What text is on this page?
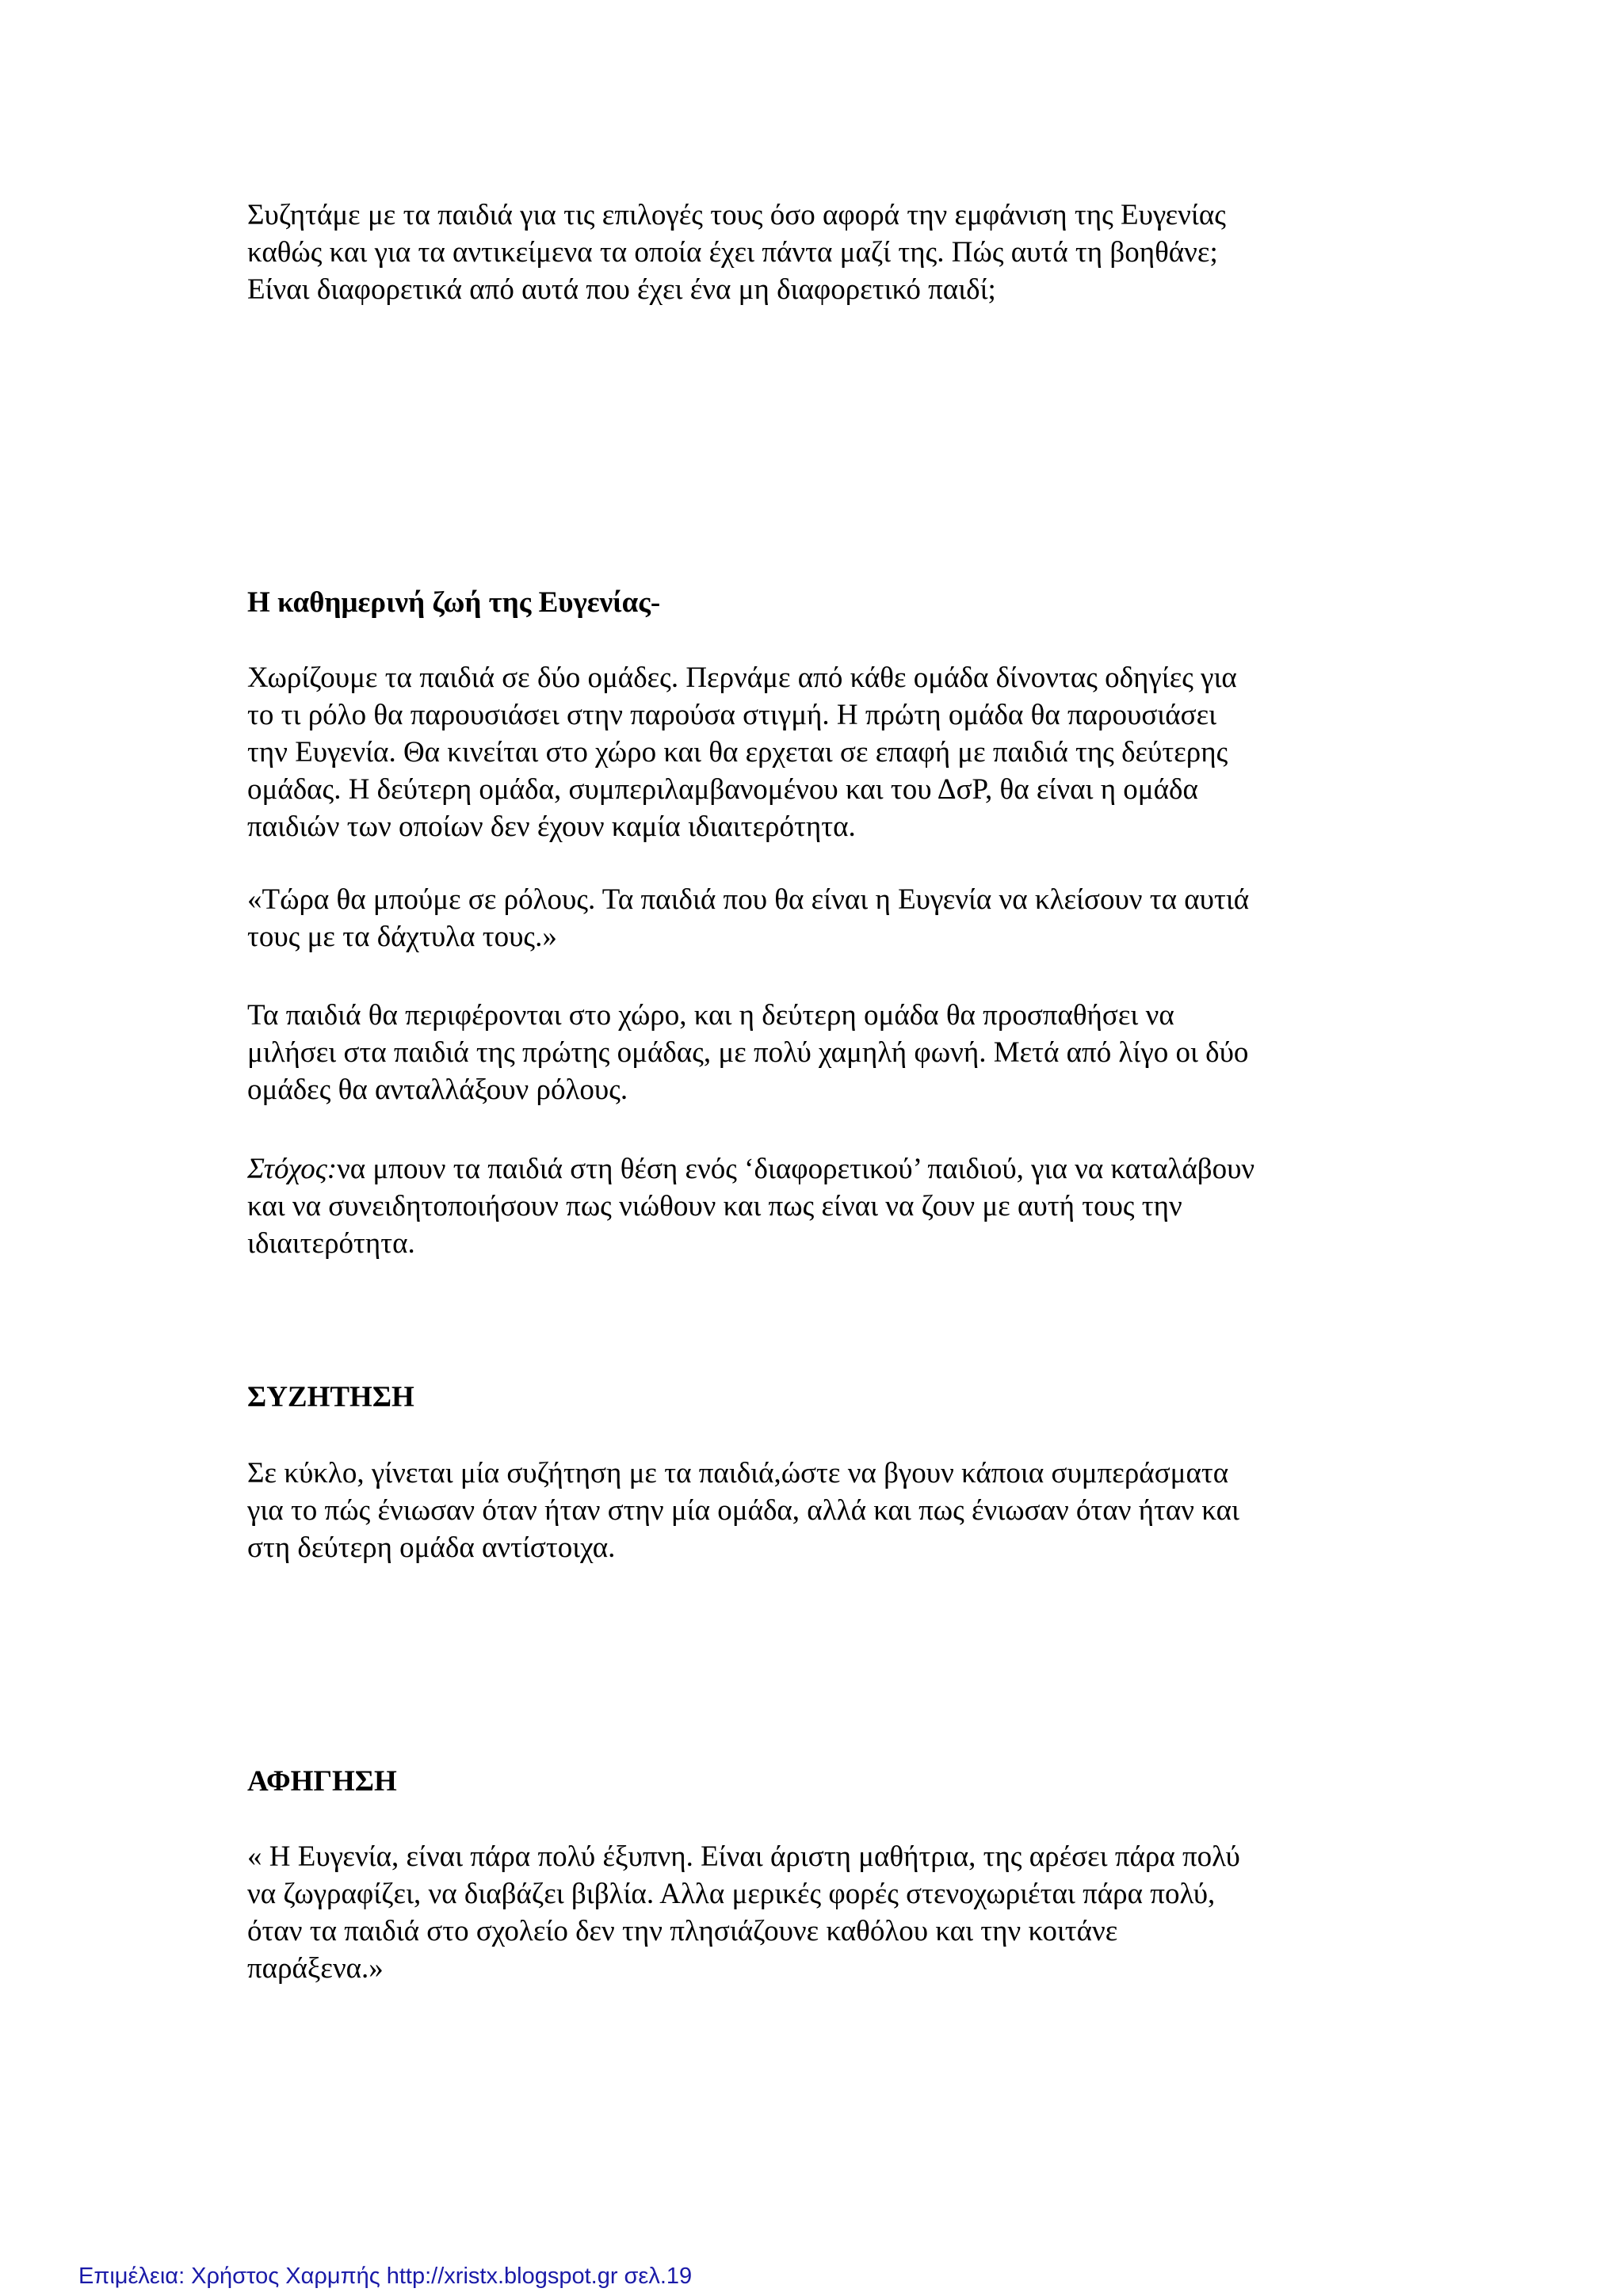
Συζητάμε με τα παιδιά για τις επιλογές τους όσο αφορά την εμφάνιση της Ευγενίας
καθώς και για τα αντικείμενα τα οποία έχει πάντα μαζί της. Πώς αυτά τη βοηθάνε;
Είναι διαφορετικά από αυτά που έχει ένα μη διαφορετικό παιδί;

Η καθημερινή ζωή της Ευγενίας-

Χωρίζουμε τα παιδιά σε δύο ομάδες. Περνάμε από κάθε ομάδα δίνοντας οδηγίες για
το τι ρόλο θα παρουσιάσει στην παρούσα στιγμή. Η πρώτη ομάδα θα παρουσιάσει
την Ευγενία. Θα κινείται στο χώρο και θα ερχεται σε επαφή με παιδιά της δεύτερης
ομάδας. Η δεύτερη ομάδα, συμπεριλαμβανομένου και του ΔσΡ, θα είναι η ομάδα
παιδιών των οποίων δεν έχουν καμία ιδιαιτερότητα.

«Τώρα θα μπούμε σε ρόλους. Τα παιδιά που θα είναι η Ευγενία να κλείσουν τα αυτιά
τους με τα δάχτυλα τους.»

Τα παιδιά θα περιφέρονται στο χώρο, και η δεύτερη ομάδα θα προσπαθήσει να
μιλήσει στα παιδιά της πρώτης ομάδας, με πολύ χαμηλή φωνή. Μετά από λίγο οι δύο
ομάδες θα ανταλλάξουν ρόλους.

Στόχος:να μπουν τα παιδιά στη θέση ενός ‘διαφορετικού’ παιδιού, για να καταλάβουν
και να συνειδητοποιήσουν πως νιώθουν και πως είναι να ζουν με αυτή τους την
ιδιαιτερότητα.

ΣΥΖΗΤΗΣΗ

Σε κύκλο, γίνεται μία συζήτηση με τα παιδιά,ώστε να βγουν κάποια συμπεράσματα
για το πώς ένιωσαν όταν ήταν στην μία ομάδα, αλλά και πως ένιωσαν όταν ήταν και
στη δεύτερη ομάδα αντίστοιχα.

ΑΦΗΓΗΣΗ

« Η Ευγενία, είναι πάρα πολύ έξυπνη. Είναι άριστη μαθήτρια, της αρέσει πάρα πολύ
να ζωγραφίζει, να διαβάζει βιβλία. Αλλα μερικές φορές στενοχωριέται πάρα πολύ,
όταν τα παιδιά στο σχολείο δεν την πλησιάζουνε καθόλου και την κοιτάνε
παράξενα.»

Επιμέλεια: Χρήστος Χαρμπής http://xristx.blogspot.gr σελ.19
